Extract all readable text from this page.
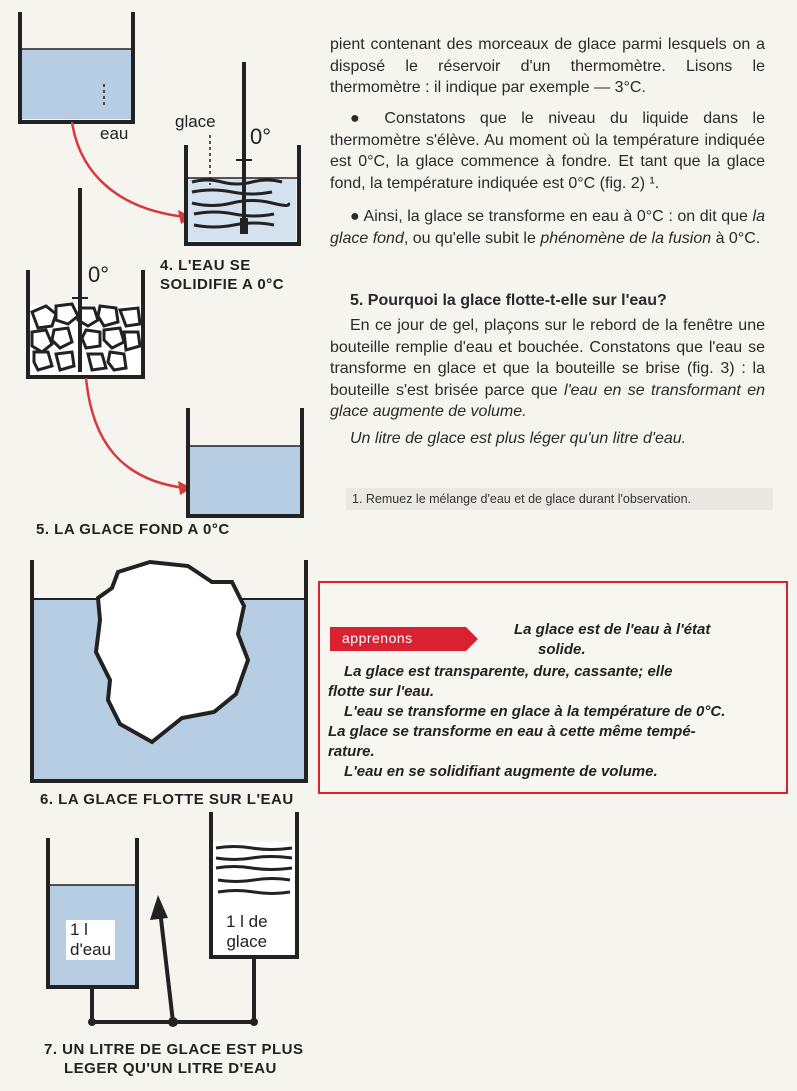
eau
glace
0°
0°	4. L'EAU SE
SOLIDIFIE A 0°C
5. LA GLACE FOND A 0°C
6. LA GLACE FLOTTE SUR L'EAU
1 l
d'eau
1 l de
glace
7. UN LITRE DE GLACE EST PLUS
LEGER QU'UN LITRE D'EAU
pient contenant des morceaux de glace parmi lesquels on a disposé le réservoir d'un thermomètre. Lisons le thermomètre : il indique par exemple — 3°C.
● Constatons que le niveau du liquide dans le thermomètre s'élève. Au moment où la température indiquée est 0°C, la glace commence à fondre. Et tant que la glace fond, la température indiquée est 0°C (fig. 2) ¹.
● Ainsi, la glace se transforme en eau à 0°C : on dit que la glace fond, ou qu'elle subit le phénomène de la fusion à 0°C.
5. Pourquoi la glace flotte-t-elle sur l'eau?
En ce jour de gel, plaçons sur le rebord de la fenêtre une bouteille remplie d'eau et bouchée. Constatons que l'eau se transforme en glace et que la bouteille se brise (fig. 3) : la bouteille s'est brisée parce que l'eau en se transformant en glace augmente de volume.
Un litre de glace est plus léger qu'un litre d'eau.
1. Remuez le mélange d'eau et de glace durant l'observation.
apprenons	La glace est de l'eau à l'état
solide.
La glace est transparente, dure, cassante; elle
flotte sur l'eau.
L'eau se transforme en glace à la température de 0°C.
La glace se transforme en eau à cette même tempé-
rature.
L'eau en se solidifiant augmente de volume.
